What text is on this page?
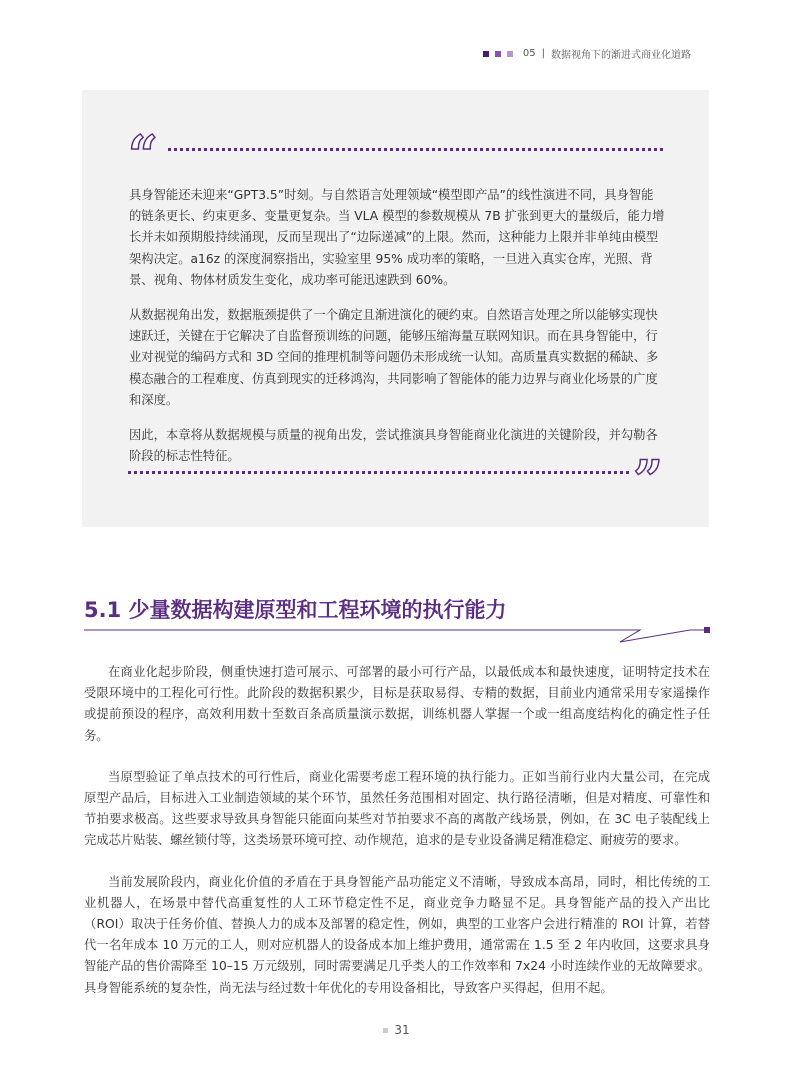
05 | 数据视角下的渐进式商业化道路
“

具身智能还未迎来“GPT3.5”时刻。与自然语言处理领域“模型即产品”的线性演进不同，具身智能的链条更长、约束更多、变量更复杂。当 VLA 模型的参数规模从 7B 扩张到更大的量级后，能力增长并未如预期般持续涌现，反而呈现出了“边际递减”的上限。然而，这种能力上限并非单纯由模型架构决定。a16z 的深度洞察指出，实验室里 95% 成功率的策略，一旦进入真实仓库，光照、背景、视角、物体材质发生变化，成功率可能迅速跌到 60%。

从数据视角出发，数据瓶颈提供了一个确定且渐进演化的硬约束。自然语言处理之所以能够实现快速跃迁，关键在于它解决了自监督预训练的问题，能够压缩海量互联网知识。而在具身智能中，行业对视觉的编码方式和 3D 空间的推理机制等问题仍未形成统一认知。高质量真实数据的稀缺、多模态融合的工程难度、仿真到现实的迁移鸿沟，共同影响了智能体的能力边界与商业化场景的广度和深度。

因此，本章将从数据规模与质量的视角出发，尝试推演具身智能商业化演进的关键阶段，并勾勒各阶段的标志性特征。	”
5.1 少量数据构建原型和工程环境的执行能力

在商业化起步阶段，侧重快速打造可展示、可部署的最小可行产品，以最低成本和最快速度，证明特定技术在受限环境中的工程化可行性。此阶段的数据积累少，目标是获取易得、专精的数据，目前业内通常采用专家遥操作或提前预设的程序，高效利用数十至数百条高质量演示数据，训练机器人掌握一个或一组高度结构化的确定性子任务。

当原型验证了单点技术的可行性后，商业化需要考虑工程环境的执行能力。正如当前行业内大量公司，在完成原型产品后，目标进入工业制造领域的某个环节，虽然任务范围相对固定、执行路径清晰，但是对精度、可靠性和节拍要求极高。这些要求导致具身智能只能面向某些对节拍要求不高的离散产线场景，例如，在 3C 电子装配线上完成芯片贴装、螺丝锁付等，这类场景环境可控、动作规范，追求的是专业设备满足精准稳定、耐疲劳的要求。

当前发展阶段内，商业化价值的矛盾在于具身智能产品功能定义不清晰，导致成本高昂，同时，相比传统的工业机器人，在场景中替代高重复性的人工环节稳定性不足，商业竞争力略显不足。具身智能产品的投入产出比（ROI）取决于任务价值、替换人力的成本及部署的稳定性，例如，典型的工业客户会进行精准的 ROI 计算，若替代一名年成本 10 万元的工人，则对应机器人的设备成本加上维护费用，通常需在 1.5 至 2 年内收回，这要求具身智能产品的售价需降至 10–15 万元级别，同时需要满足几乎类人的工作效率和 7x24 小时连续作业的无故障要求。具身智能系统的复杂性，尚无法与经过数十年优化的专用设备相比，导致客户买得起，但用不起。

31
